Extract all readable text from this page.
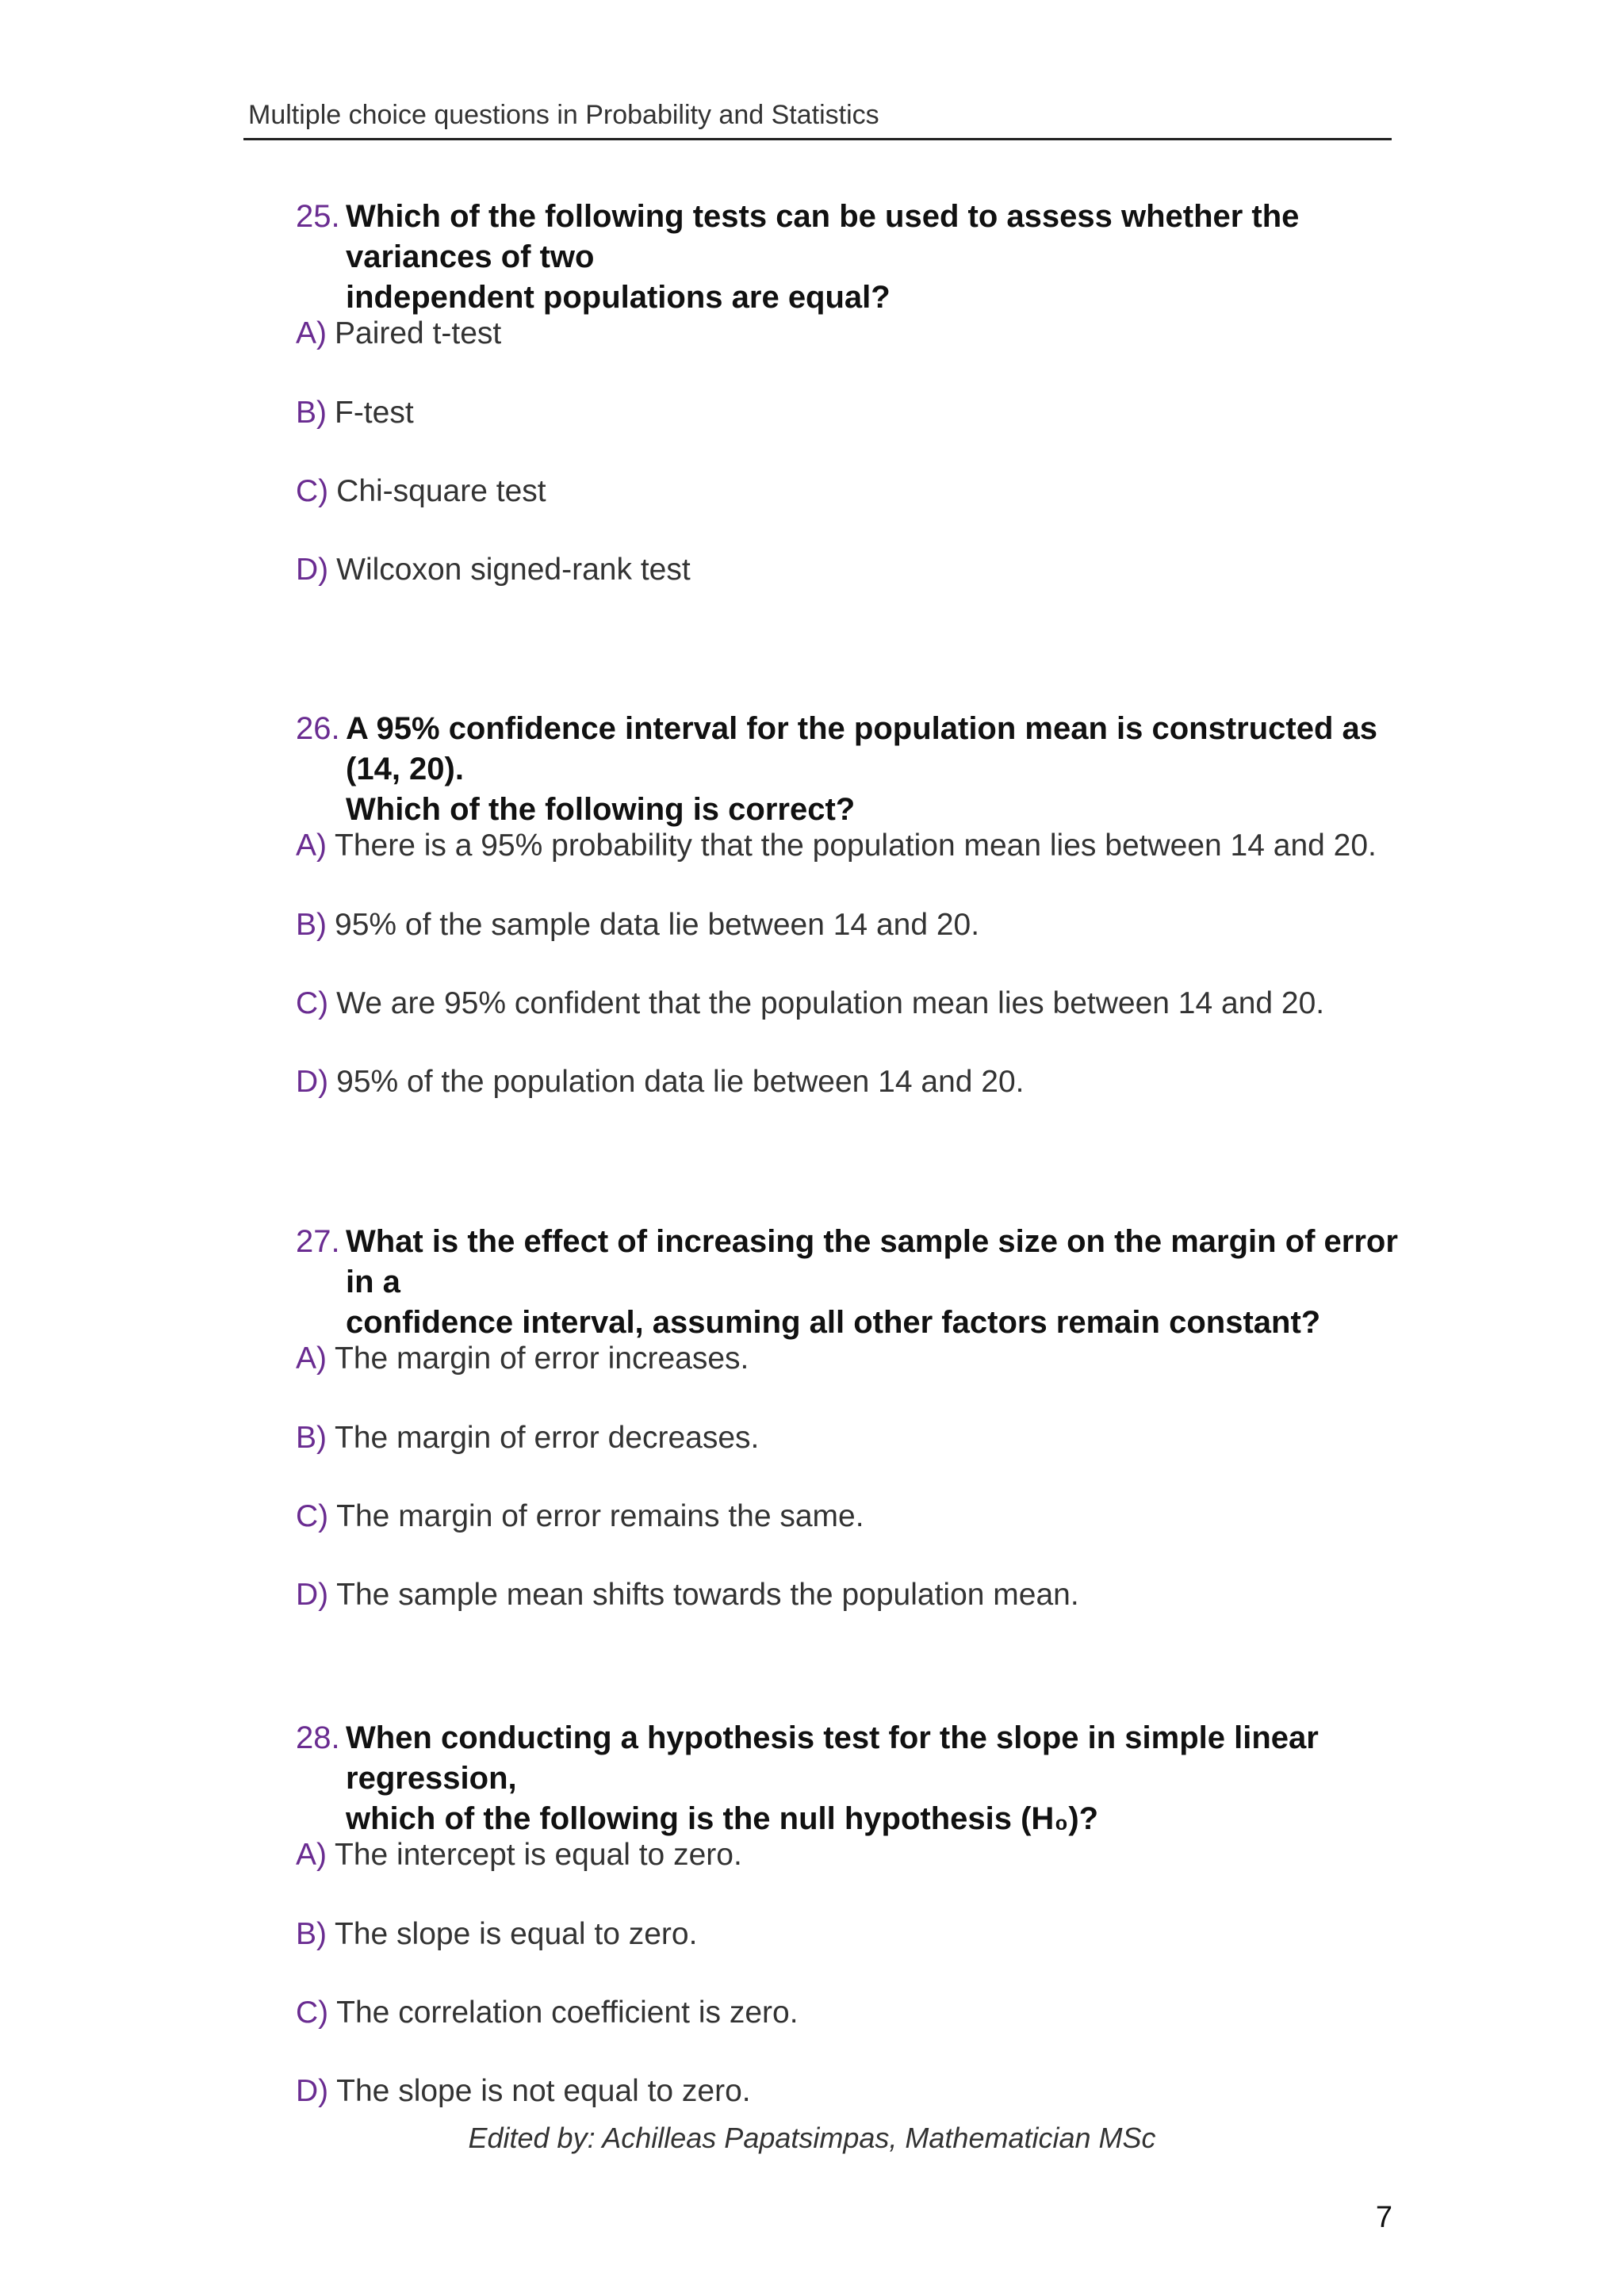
Multiple choice questions in Probability and Statistics
25. Which of the following tests can be used to assess whether the variances of two
independent populations are equal?
A) Paired t-test
B) F-test
C) Chi-square test
D) Wilcoxon signed-rank test
26. A 95% confidence interval for the population mean is constructed as (14, 20).
Which of the following is correct?
A) There is a 95% probability that the population mean lies between 14 and 20.
B) 95% of the sample data lie between 14 and 20.
C) We are 95% confident that the population mean lies between 14 and 20.
D) 95% of the population data lie between 14 and 20.
27. What is the effect of increasing the sample size on the margin of error in a
confidence interval, assuming all other factors remain constant?
A) The margin of error increases.
B) The margin of error decreases.
C) The margin of error remains the same.
D) The sample mean shifts towards the population mean.
28. When conducting a hypothesis test for the slope in simple linear regression,
which of the following is the null hypothesis (H₀)?
A) The intercept is equal to zero.
B) The slope is equal to zero.
C) The correlation coefficient is zero.
D) The slope is not equal to zero.
Edited by: Achilleas Papatsimpas, Mathematician MSc
7
